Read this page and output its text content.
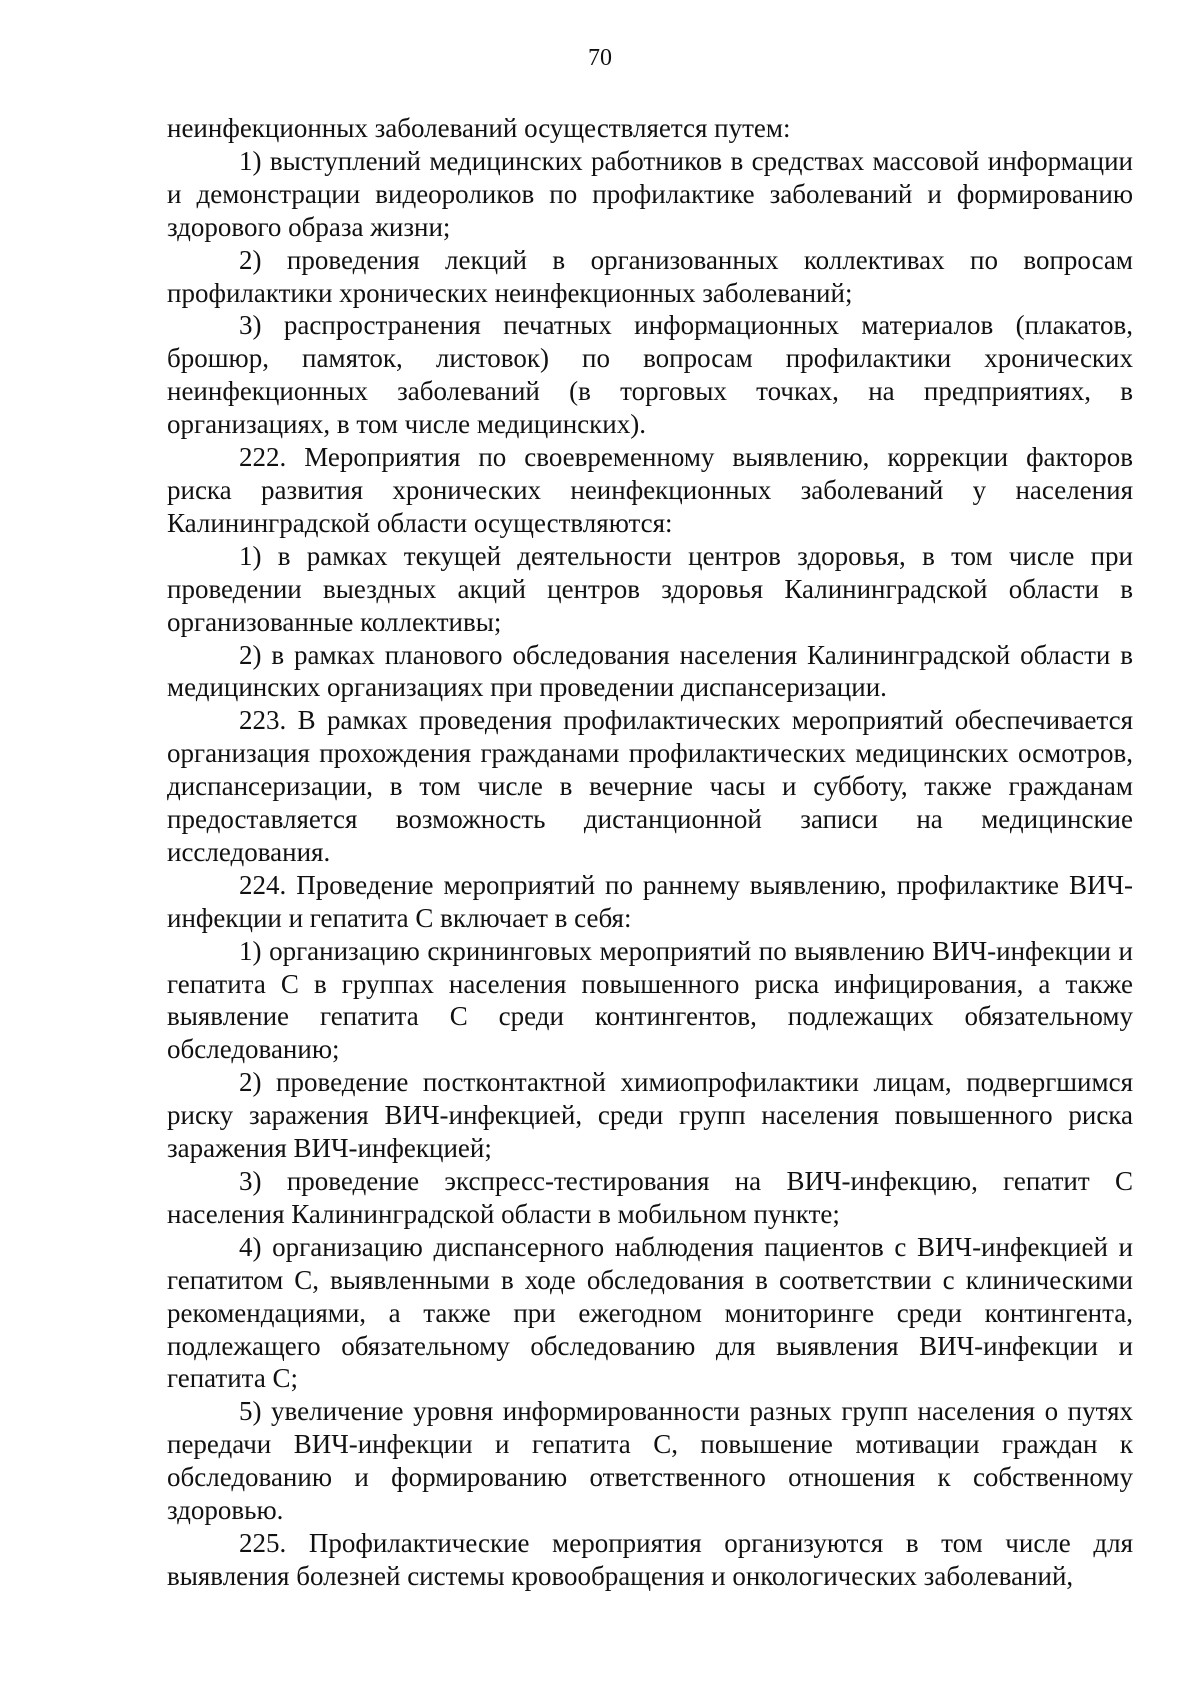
70

неинфекционных заболеваний осуществляется путем:

1) выступлений медицинских работников в средствах массовой информации и демонстрации видеороликов по профилактике заболеваний и формированию здорового образа жизни;

2) проведения лекций в организованных коллективах по вопросам профилактики хронических неинфекционных заболеваний;

3) распространения печатных информационных материалов (плакатов, брошюр, памяток, листовок) по вопросам профилактики хронических неинфекционных заболеваний (в торговых точках, на предприятиях, в организациях, в том числе медицинских).

222. Мероприятия по своевременному выявлению, коррекции факторов риска развития хронических неинфекционных заболеваний у населения Калининградской области осуществляются:

1) в рамках текущей деятельности центров здоровья, в том числе при проведении выездных акций центров здоровья Калининградской области в организованные коллективы;

2) в рамках планового обследования населения Калининградской области в медицинских организациях при проведении диспансеризации.

223. В рамках проведения профилактических мероприятий обеспечивается организация прохождения гражданами профилактических медицинских осмотров, диспансеризации, в том числе в вечерние часы и субботу, также гражданам предоставляется возможность дистанционной записи на медицинские исследования.

224. Проведение мероприятий по раннему выявлению, профилактике ВИЧ-инфекции и гепатита С включает в себя:

1) организацию скрининговых мероприятий по выявлению ВИЧ-инфекции и гепатита С в группах населения повышенного риска инфицирования, а также выявление гепатита С среди контингентов, подлежащих обязательному обследованию;

2) проведение постконтактной химиопрофилактики лицам, подвергшимся риску заражения ВИЧ-инфекцией, среди групп населения повышенного риска заражения ВИЧ-инфекцией;

3) проведение экспресс-тестирования на ВИЧ-инфекцию, гепатит С населения Калининградской области в мобильном пункте;

4) организацию диспансерного наблюдения пациентов с ВИЧ-инфекцией и гепатитом С, выявленными в ходе обследования в соответствии с клиническими рекомендациями, а также при ежегодном мониторинге среди контингента, подлежащего обязательному обследованию для выявления ВИЧ-инфекции и гепатита С;

5) увеличение уровня информированности разных групп населения о путях передачи ВИЧ-инфекции и гепатита С, повышение мотивации граждан к обследованию и формированию ответственного отношения к собственному здоровью.

225. Профилактические мероприятия организуются в том числе для выявления болезней системы кровообращения и онкологических заболеваний,
